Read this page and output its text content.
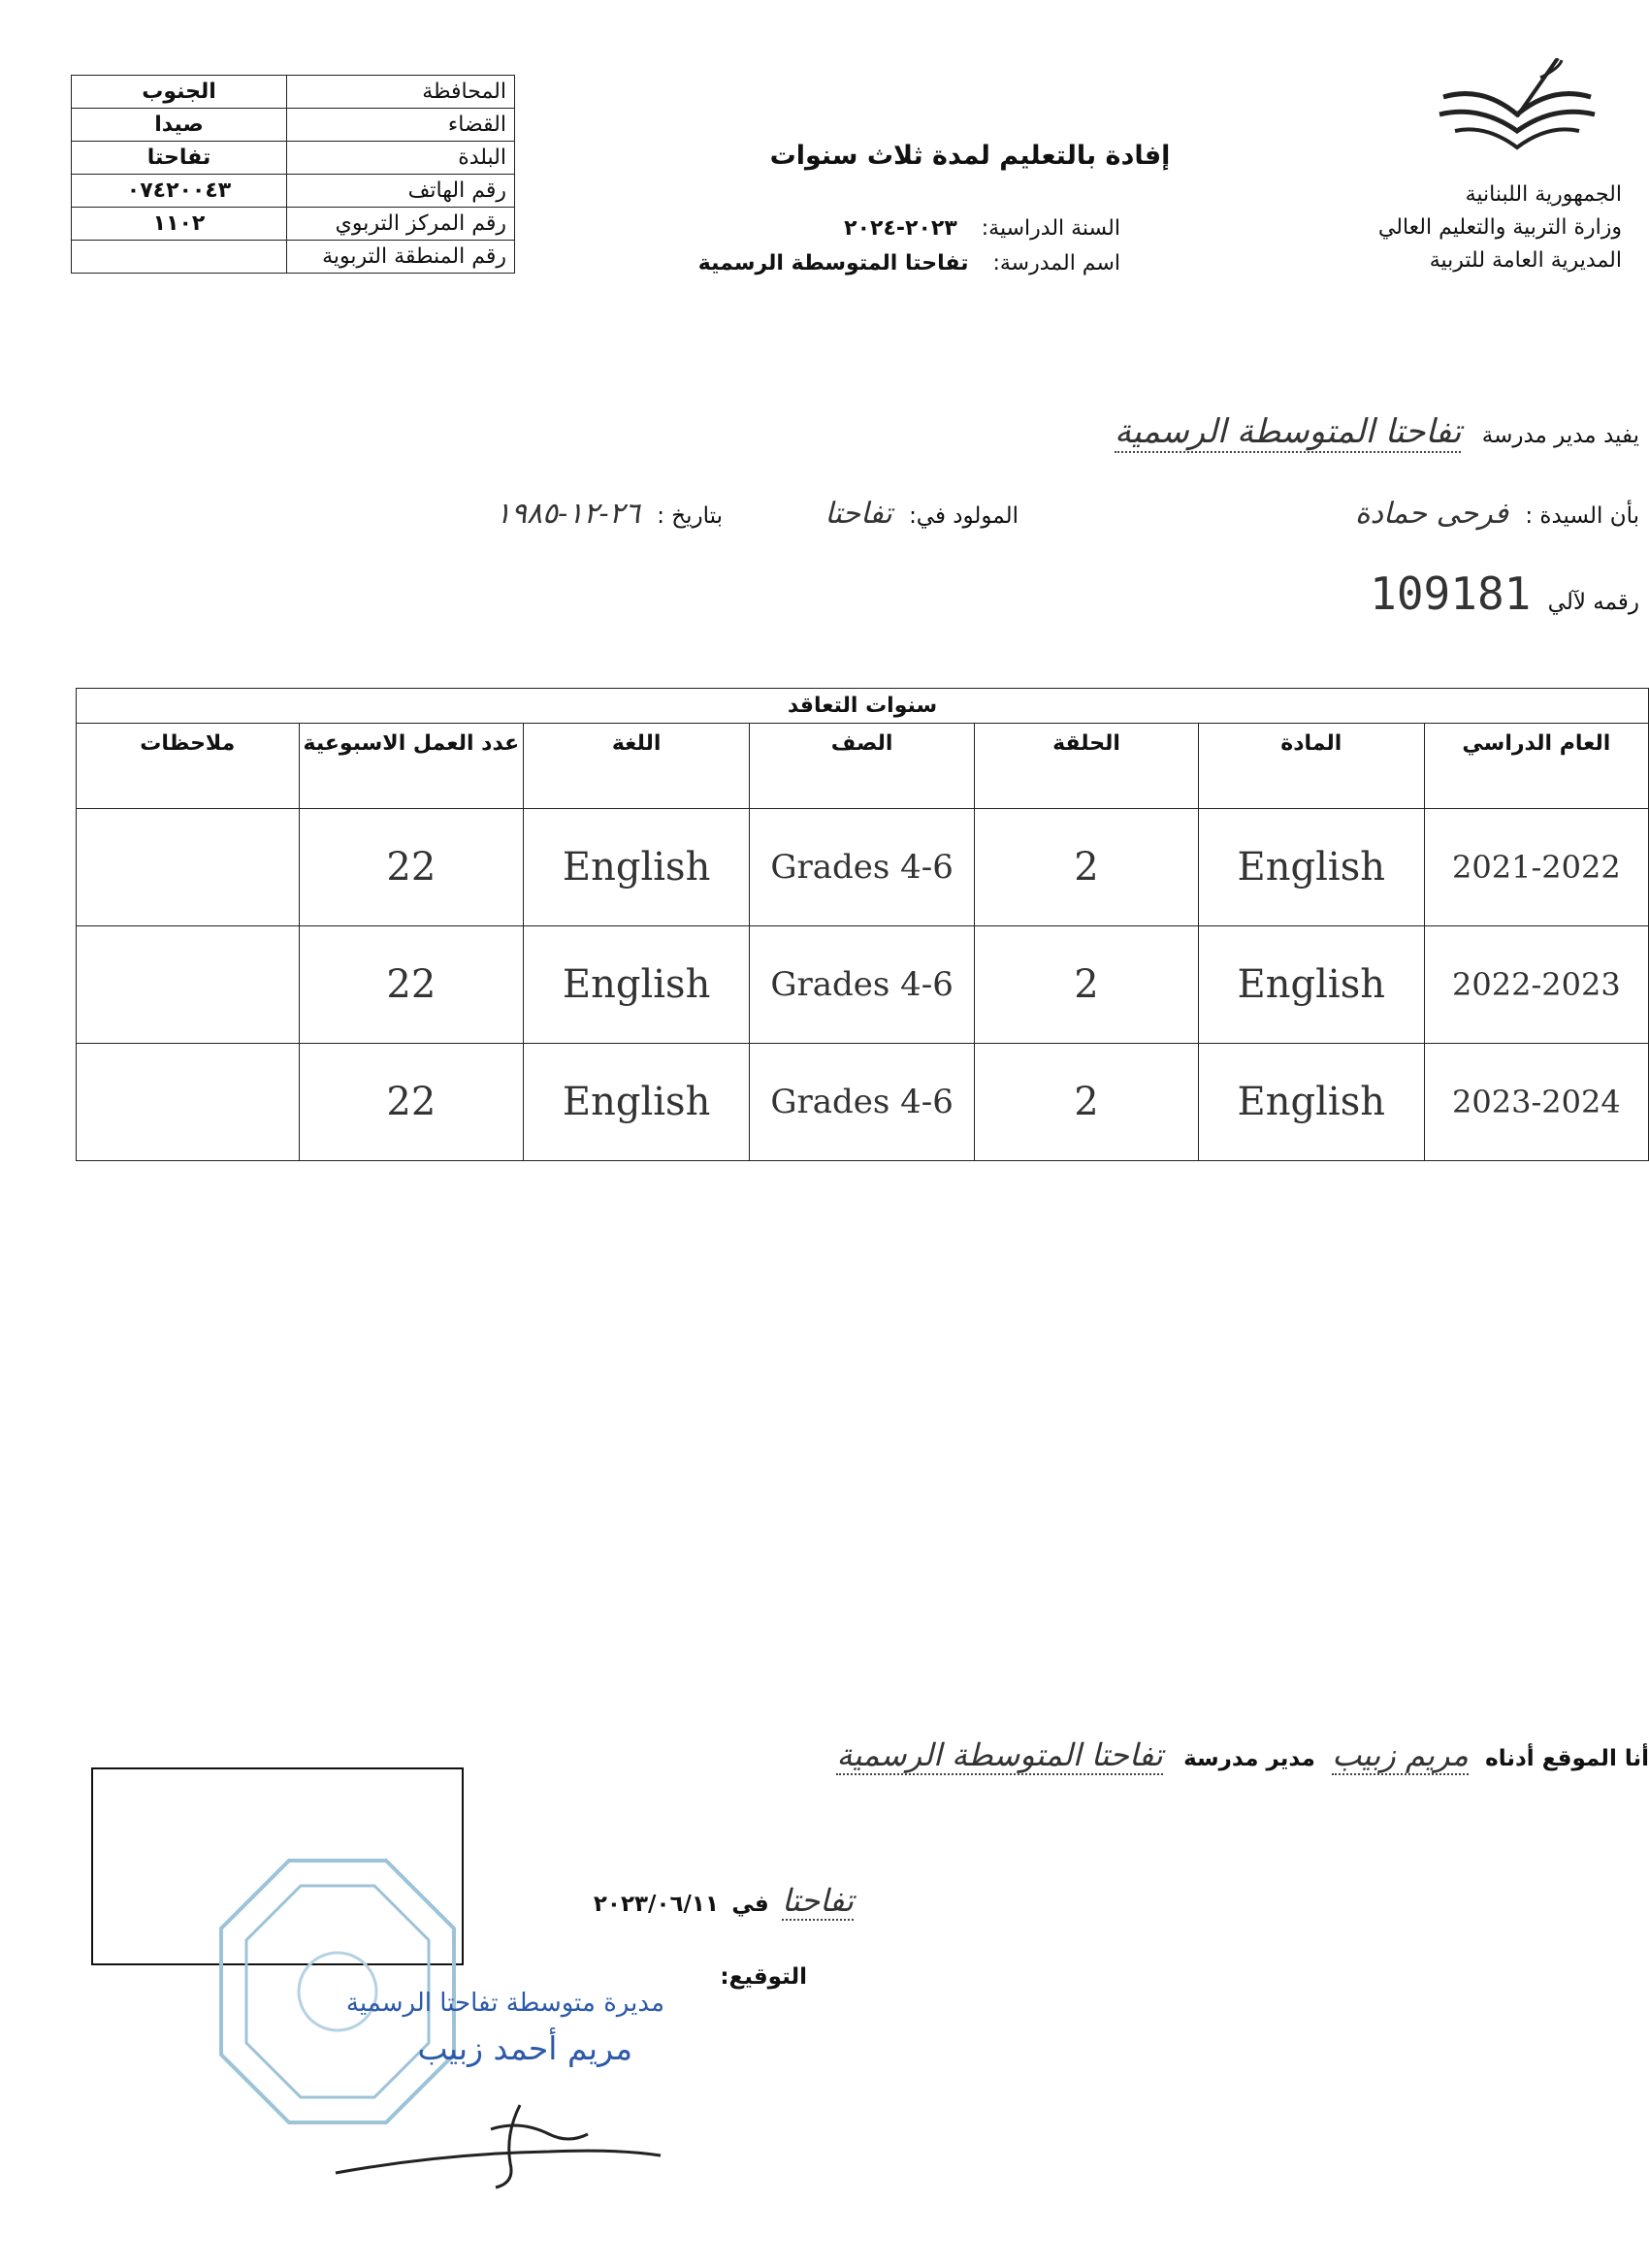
المحافظة	الجنوب
القضاء	صيدا
البلدة	تفاحتا
رقم الهاتف	٠٧٤٢٠٠٤٣
رقم المركز التربوي	١١٠٢
رقم المنطقة التربوية	
الجمهورية اللبنانية
وزارة التربية والتعليم العالي
المديرية العامة للتربية
إفادة بالتعليم لمدة ثلاث سنوات
السنة الدراسية: ٢٠٢٣-٢٠٢٤
اسم المدرسة: تفاحتا المتوسطة الرسمية
يفيد مدير مدرسة تفاحتا المتوسطة الرسمية
بأن السيدة : فرحى حمادة
المولود في: تفاحتا
بتاريخ : ٢٦-١٢-١٩٨٥
رقمه لآلي 109181
سنوات التعاقد						
العام الدراسي	المادة	الحلقة	الصف	اللغة	عدد العمل الاسبوعية	ملاحظات
2021-2022	English	2	Grades 4-6	English	22	
2022-2023	English	2	Grades 4-6	English	22	
2023-2024	English	2	Grades 4-6	English	22	
أنا الموقع أدناه مريم زبيب مدير مدرسة تفاحتا المتوسطة الرسمية
تفاحتا في ٢٠٢٣/٠٦/١١
التوقيع:
مديرة متوسطة تفاحتا الرسمية
مريم أحمد زبيب
